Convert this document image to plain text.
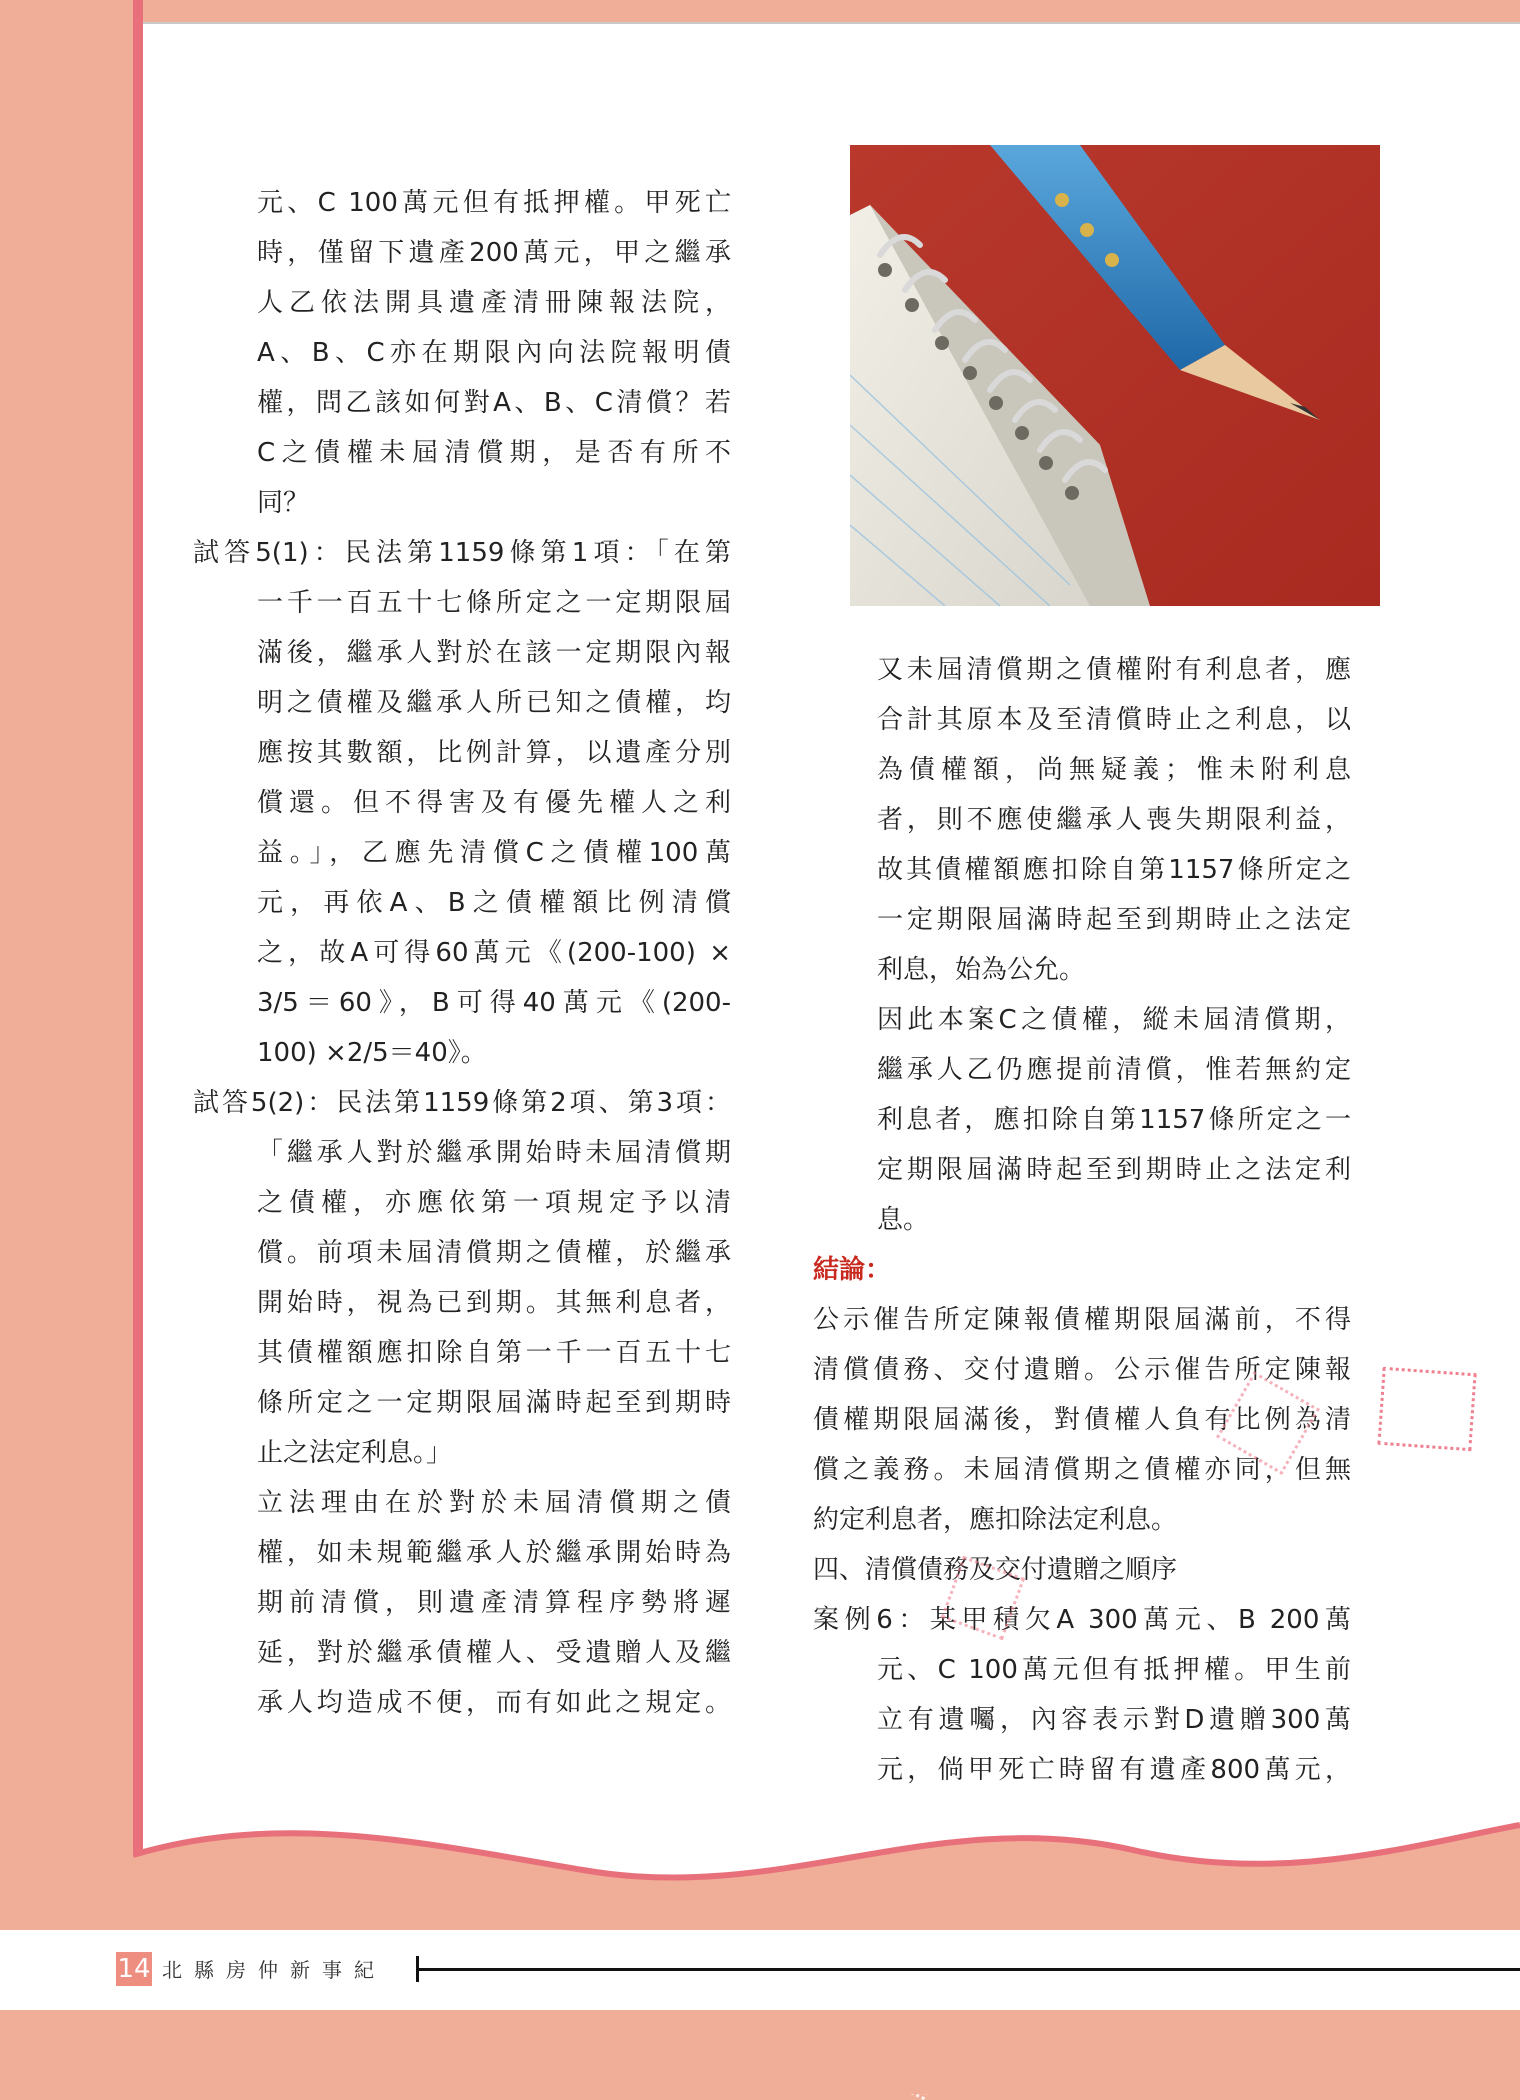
元、C 100萬元但有抵押權。甲死亡
時，僅留下遺產200萬元，甲之繼承
人乙依法開具遺產清冊陳報法院，
A、B、C亦在期限內向法院報明債
權，問乙該如何對A、B、C清償？若
C之債權未屆清償期，是否有所不
同？
試答5(1)：民法第1159條第1項：「在第
一千一百五十七條所定之一定期限屆
滿後，繼承人對於在該一定期限內報
明之債權及繼承人所已知之債權，均
應按其數額，比例計算，以遺產分別
償還。但不得害及有優先權人之利
益。」，乙應先清償C之債權100萬
元，再依A、B之債權額比例清償
之，故A可得60萬元《(200-100) ×
3/5＝60》，B可得40萬元《(200-
100) ×2/5＝40》。
試答5(2)：民法第1159條第2項、第3項：
「繼承人對於繼承開始時未屆清償期
之債權，亦應依第一項規定予以清
償。前項未屆清償期之債權，於繼承
開始時，視為已到期。其無利息者，
其債權額應扣除自第一千一百五十七
條所定之一定期限屆滿時起至到期時
止之法定利息。」
立法理由在於對於未屆清償期之債
權，如未規範繼承人於繼承開始時為
期前清償，則遺產清算程序勢將遲
延，對於繼承債權人、受遺贈人及繼
承人均造成不便，而有如此之規定。
又未屆清償期之債權附有利息者，應
合計其原本及至清償時止之利息，以
為債權額，尚無疑義；惟未附利息
者，則不應使繼承人喪失期限利益，
故其債權額應扣除自第1157條所定之
一定期限屆滿時起至到期時止之法定
利息，始為公允。
因此本案C之債權，縱未屆清償期，
繼承人乙仍應提前清償，惟若無約定
利息者，應扣除自第1157條所定之一
定期限屆滿時起至到期時止之法定利
息。
結論：
公示催告所定陳報債權期限屆滿前，不得
清償債務、交付遺贈。公示催告所定陳報
債權期限屆滿後，對債權人負有比例為清
償之義務。未屆清償期之債權亦同，但無
約定利息者，應扣除法定利息。
四、清償債務及交付遺贈之順序
案例6：某甲積欠A 300萬元、B 200萬
元、C 100萬元但有抵押權。甲生前
立有遺囑，內容表示對D遺贈300萬
元，倘甲死亡時留有遺產800萬元，
14 北縣房仲新事紀
